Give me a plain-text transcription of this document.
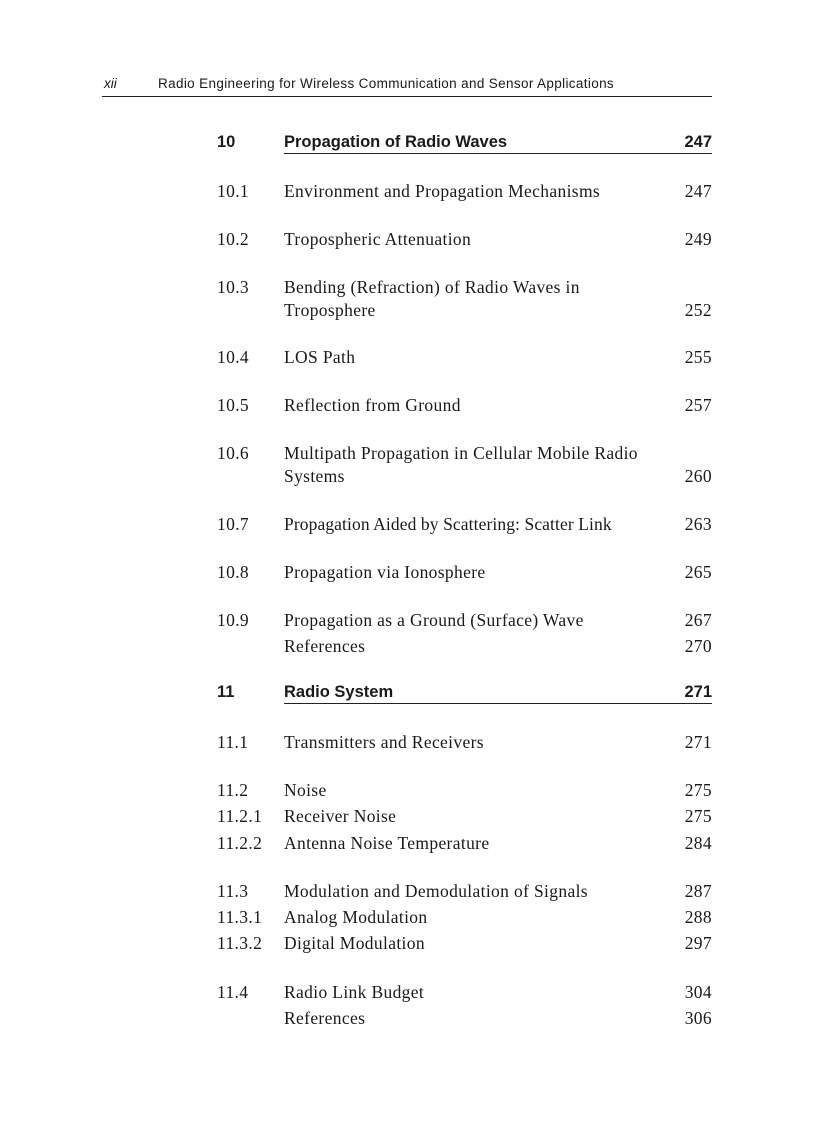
xii	Radio Engineering for Wireless Communication and Sensor Applications
10	Propagation of Radio Waves	247
10.1 Environment and Propagation Mechanisms	247
10.2 Tropospheric Attenuation	249
10.3 Bending (Refraction) of Radio Waves in Troposphere	252
10.4 LOS Path	255
10.5 Reflection from Ground	257
10.6 Multipath Propagation in Cellular Mobile Radio Systems	260
10.7 Propagation Aided by Scattering: Scatter Link	263
10.8 Propagation via Ionosphere	265
10.9 Propagation as a Ground (Surface) Wave	267
References	270
11	Radio System	271
11.1 Transmitters and Receivers	271
11.2 Noise	275
11.2.1 Receiver Noise	275
11.2.2 Antenna Noise Temperature	284
11.3 Modulation and Demodulation of Signals	287
11.3.1 Analog Modulation	288
11.3.2 Digital Modulation	297
11.4 Radio Link Budget	304
References	306
